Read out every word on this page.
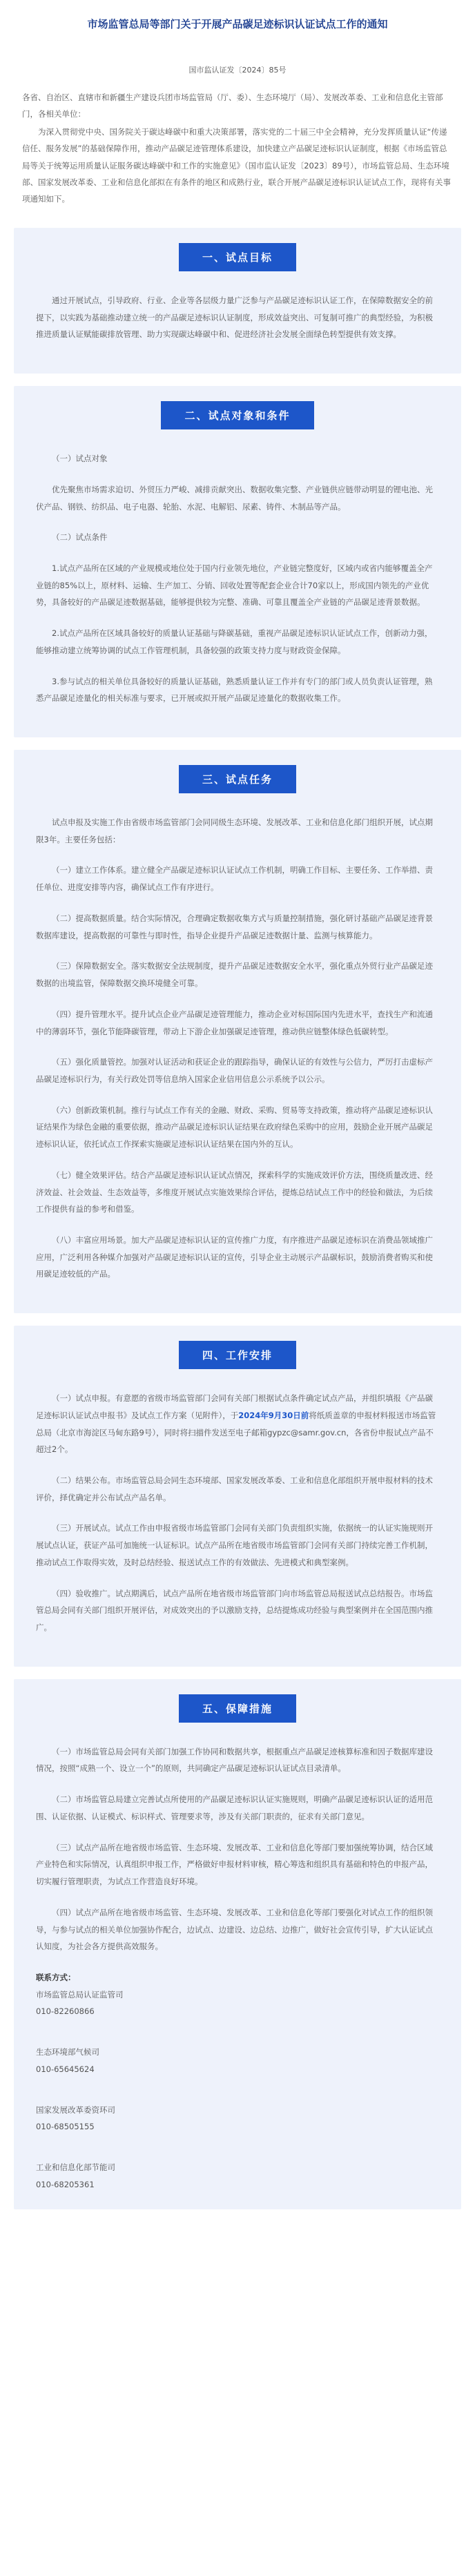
市场监管总局等部门关于开展产品碳足迹标识认证试点工作的通知
国市监认证发〔2024〕85号

各省、自治区、直辖市和新疆生产建设兵团市场监管局（厅、委）、生态环境厅（局）、发展改革委、工业和信息化主管部门，各相关单位：

为深入贯彻党中央、国务院关于碳达峰碳中和重大决策部署，落实党的二十届三中全会精神，充分发挥质量认证“传递信任、服务发展”的基础保障作用，推动产品碳足迹管理体系建设，加快建立产品碳足迹标识认证制度，根据《市场监管总局等关于统筹运用质量认证服务碳达峰碳中和工作的实施意见》（国市监认证发〔2023〕89号），市场监管总局、生态环境部、国家发展改革委、工业和信息化部拟在有条件的地区和成熟行业，联合开展产品碳足迹标识认证试点工作，现将有关事项通知如下。

一、试点目标

通过开展试点，引导政府、行业、企业等各层级力量广泛参与产品碳足迹标识认证工作，在保障数据安全的前提下，以实践为基础推动建立统一的产品碳足迹标识认证制度，形成效益突出、可复制可推广的典型经验，为积极推进质量认证赋能碳排放管理、助力实现碳达峰碳中和、促进经济社会发展全面绿色转型提供有效支撑。

二、试点对象和条件

（一）试点对象

优先聚焦市场需求迫切、外贸压力严峻、减排贡献突出、数据收集完整、产业链供应链带动明显的锂电池、光伏产品、钢铁、纺织品、电子电器、轮胎、水泥、电解铝、尿素、铸件、木制品等产品。

（二）试点条件

1.试点产品所在区域的产业规模或地位处于国内行业领先地位，产业链完整度好，区域内或省内能够覆盖全产业链的85%以上，原材料、运输、生产加工、分销、回收处置等配套企业合计70家以上，形成国内领先的产业优势，具备较好的产品碳足迹数据基础，能够提供较为完整、准确、可靠且覆盖全产业链的产品碳足迹背景数据。

2.试点产品所在区域具备较好的质量认证基础与降碳基础，重视产品碳足迹标识认证试点工作，创新动力强，能够推动建立统筹协调的试点工作管理机制，具备较强的政策支持力度与财政资金保障。

3.参与试点的相关单位具备较好的质量认证基础，熟悉质量认证工作并有专门的部门或人员负责认证管理，熟悉产品碳足迹量化的相关标准与要求，已开展或拟开展产品碳足迹量化的数据收集工作。

三、试点任务

试点申报及实施工作由省级市场监管部门会同同级生态环境、发展改革、工业和信息化部门组织开展，试点期限3年。主要任务包括：

（一）建立工作体系。建立健全产品碳足迹标识认证试点工作机制，明确工作目标、主要任务、工作举措、责任单位、进度安排等内容，确保试点工作有序进行。

（二）提高数据质量。结合实际情况，合理确定数据收集方式与质量控制措施，强化研讨基础产品碳足迹背景数据库建设，提高数据的可靠性与即时性，指导企业提升产品碳足迹数据计量、监测与核算能力。

（三）保障数据安全。落实数据安全法规制度，提升产品碳足迹数据安全水平，强化重点外贸行业产品碳足迹数据的出境监管，保障数据交换环境健全可靠。

（四）提升管理水平。提升试点企业产品碳足迹管理能力，推动企业对标国际国内先进水平，查找生产和流通中的薄弱环节，强化节能降碳管理，带动上下游企业加强碳足迹管理，推动供应链整体绿色低碳转型。

（五）强化质量管控。加强对认证活动和获证企业的跟踪指导，确保认证的有效性与公信力，严厉打击虚标产品碳足迹标识行为，有关行政处罚等信息纳入国家企业信用信息公示系统予以公示。

（六）创新政策机制。推行与试点工作有关的金融、财政、采购、贸易等支持政策，推动将产品碳足迹标识认证结果作为绿色金融的重要依据，推动产品碳足迹标识认证结果在政府绿色采购中的应用，鼓励企业开展产品碳足迹标识认证，依托试点工作探索实施碳足迹标识认证结果在国内外的互认。

（七）健全效果评估。结合产品碳足迹标识认证试点情况，探索科学的实施成效评价方法，围绕质量改进、经济效益、社会效益、生态效益等，多维度开展试点实施效果综合评估，提炼总结试点工作中的经验和做法，为后续工作提供有益的参考和借鉴。

（八）丰富应用场景。加大产品碳足迹标识认证的宣传推广力度，有序推进产品碳足迹标识在消费品领域推广应用，广泛利用各种媒介加强对产品碳足迹标识认证的宣传，引导企业主动展示产品碳标识，鼓励消费者购买和使用碳足迹较低的产品。

四、工作安排

（一）试点申报。有意愿的省级市场监管部门会同有关部门根据试点条件确定试点产品，并组织填报《产品碳足迹标识认证试点申报书》及试点工作方案（见附件），于2024年9月30日前将纸质盖章的申报材料报送市场监管总局（北京市海淀区马甸东路9号），同时将扫描件发送至电子邮箱gypzc@samr.gov.cn，各省份申报试点产品不超过2个。

（二）结果公布。市场监管总局会同生态环境部、国家发展改革委、工业和信息化部组织开展申报材料的技术评价，择优确定并公布试点产品名单。

（三）开展试点。试点工作由申报省级市场监管部门会同有关部门负责组织实施，依据统一的认证实施规则开展试点认证，获证产品可加施统一认证标识。试点产品所在地省级市场监管部门会同有关部门持续完善工作机制，推动试点工作取得实效，及时总结经验、报送试点工作的有效做法、先进模式和典型案例。

（四）验收推广。试点期满后，试点产品所在地省级市场监管部门向市场监管总局报送试点总结报告。市场监管总局会同有关部门组织开展评估，对成效突出的予以激励支持，总结提炼成功经验与典型案例并在全国范围内推广。

五、保障措施

（一）市场监管总局会同有关部门加强工作协同和数据共享，根据重点产品碳足迹核算标准和因子数据库建设情况，按照“成熟一个、设立一个”的原则，共同确定产品碳足迹标识认证试点目录清单。

（二）市场监管总局建立完善试点所使用的产品碳足迹标识认证实施规则，明确产品碳足迹标识认证的适用范围、认证依据、认证模式、标识样式、管理要求等，涉及有关部门职责的，征求有关部门意见。

（三）试点产品所在地省级市场监管、生态环境、发展改革、工业和信息化等部门要加强统筹协调，结合区域产业特色和实际情况，认真组织申报工作，严格做好申报材料审核，精心筹选和组织具有基础和特色的申报产品，切实履行管理职责，为试点工作营造良好环境。

（四）试点产品所在地省级市场监管、生态环境、发展改革、工业和信息化等部门要强化对试点工作的组织领导，与参与试点的相关单位加强协作配合，边试点、边建设、边总结、边推广，做好社会宣传引导，扩大认证试点认知度，为社会各方提供高效服务。

联系方式：

市场监管总局认证监管司

010-82260866

生态环境部气候司

010-65645624

国家发展改革委资环司

010-68505155

工业和信息化部节能司

010-68205361
